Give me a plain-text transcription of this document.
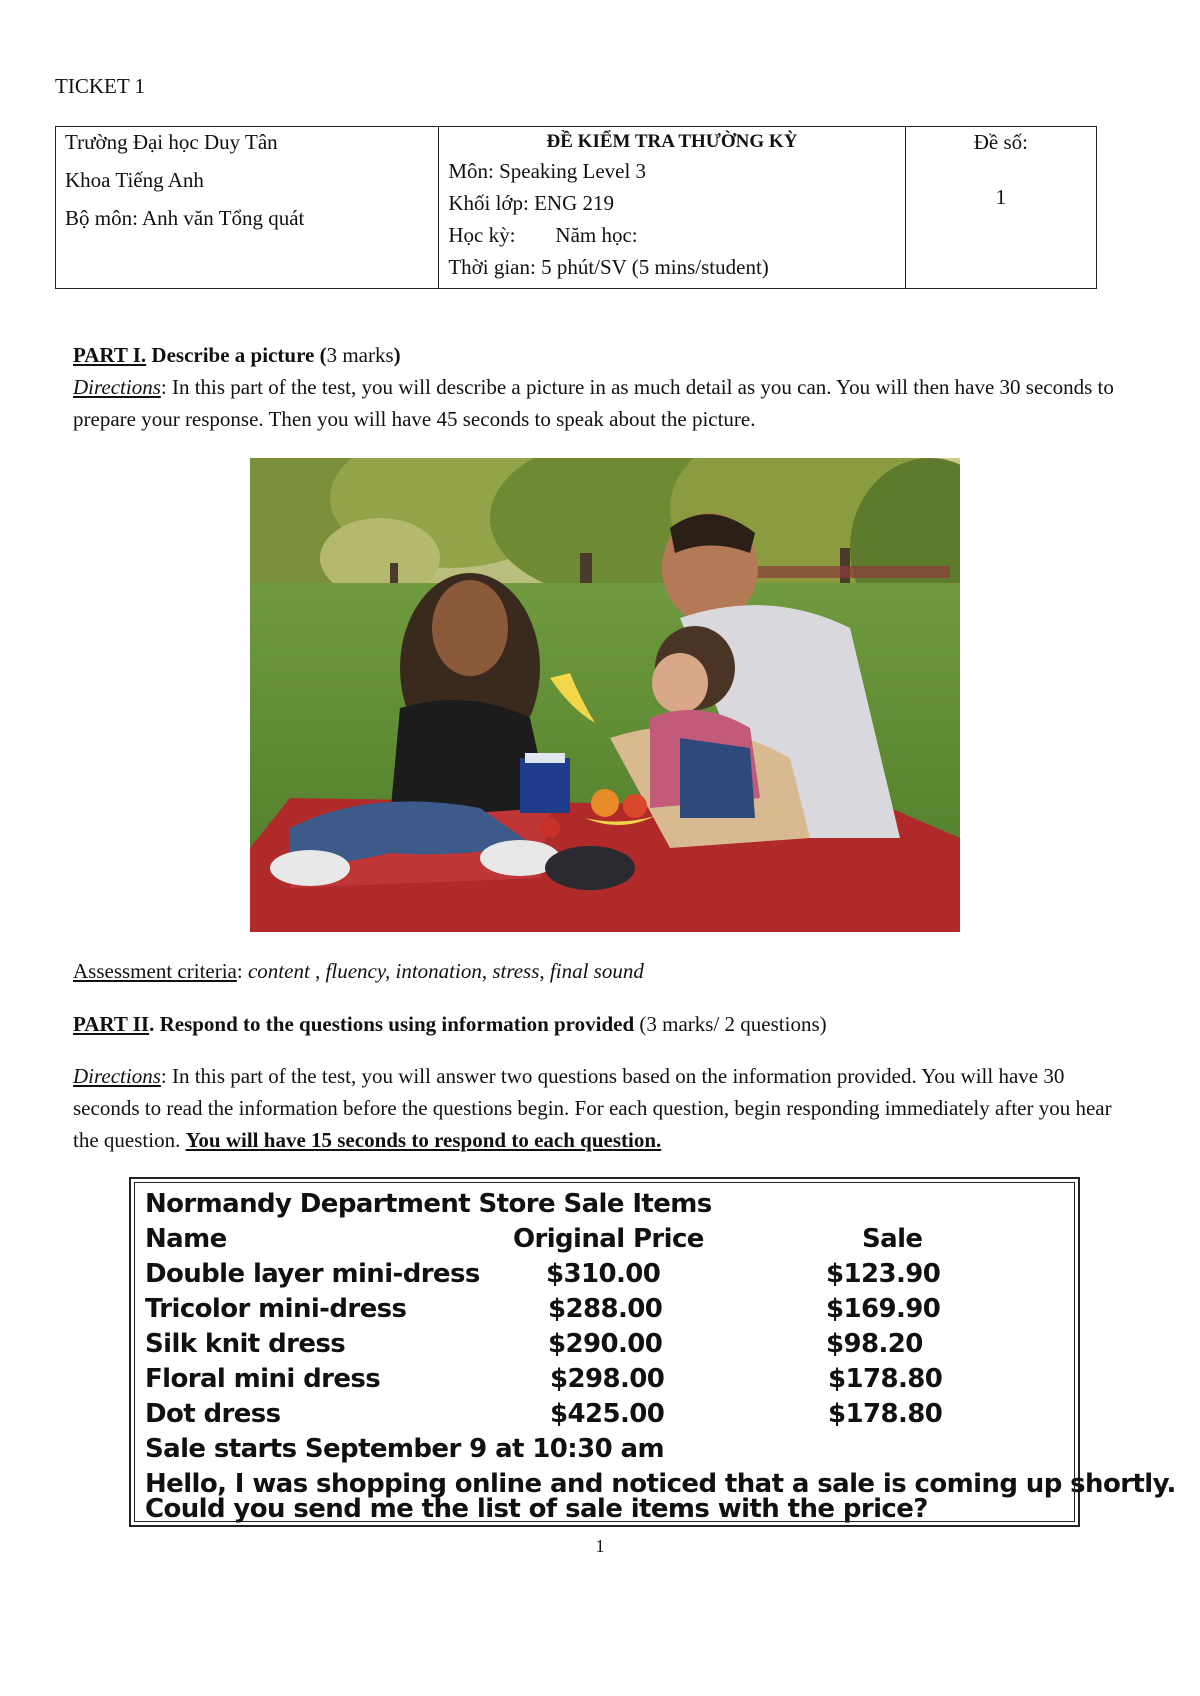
TICKET 1
Trường Đại học Duy Tân
Khoa Tiếng Anh
Bộ môn: Anh văn Tổng quát

ĐỀ KIỂM TRA THƯỜNG KỲ
Môn: Speaking Level 3
Khối lớp: ENG 219
Học kỳ: Năm học:
Thời gian: 5 phút/SV (5 mins/student)

Đề số:
1
PART I. Describe a picture (3 marks)
Directions: In this part of the test, you will describe a picture in as much detail as you can. You will then have 30 seconds to prepare your response. Then you will have 45 seconds to speak about the picture.
Assessment criteria: content , fluency, intonation, stress, final sound
PART II. Respond to the questions using information provided (3 marks/ 2 questions)
Directions: In this part of the test, you will answer two questions based on the information provided. You will have 30 seconds to read the information before the questions begin. For each question, begin responding immediately after you hear the question. You will have 15 seconds to respond to each question.
Normandy Department Store Sale Items
Name	Original Price	Sale
Double layer mini-dress	$310.00	$123.90
Tricolor mini-dress	$288.00	$169.90
Silk knit dress	$290.00	$98.20
Floral mini dress	$298.00	$178.80
Dot dress	$425.00	$178.80
Sale starts September 9 at 10:30 am
Hello, I was shopping online and noticed that a sale is coming up shortly.
Could you send me the list of sale items with the price?
1
